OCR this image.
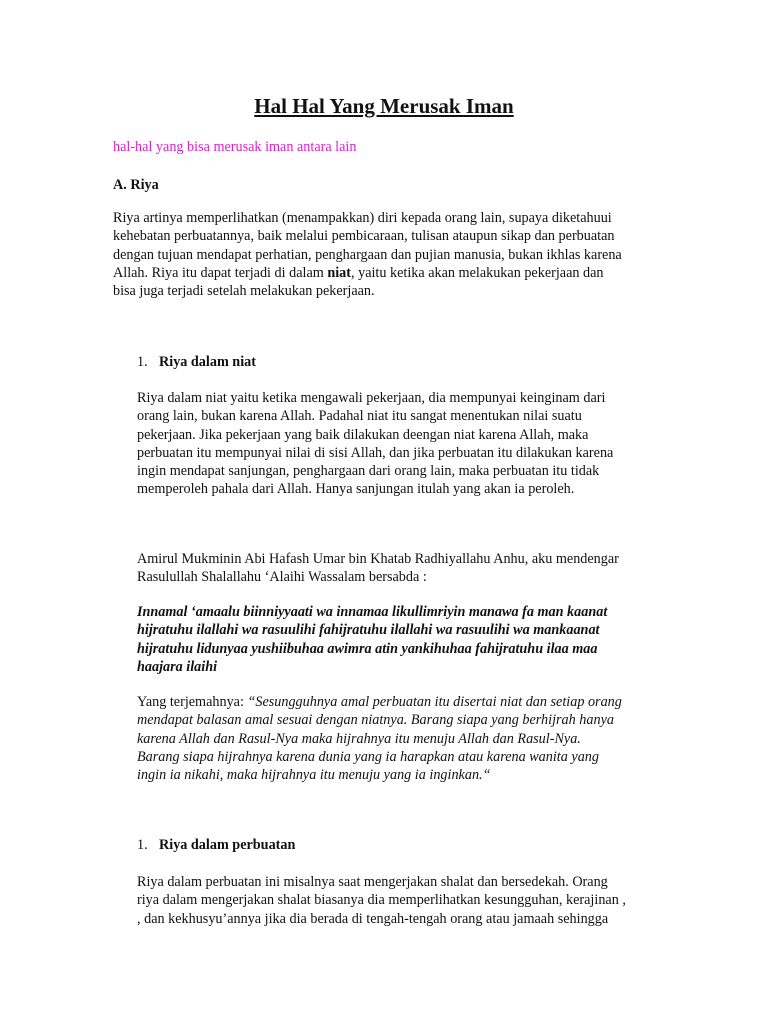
Hal Hal Yang Merusak Iman

hal-hal yang bisa merusak iman antara lain

A. Riya

Riya artinya memperlihatkan (menampakkan) diri kepada orang lain, supaya diketahuui
kehebatan perbuatannya, baik melalui pembicaraan, tulisan ataupun sikap dan perbuatan
dengan tujuan mendapat perhatian, penghargaan dan pujian manusia, bukan ikhlas karena
Allah. Riya itu dapat terjadi di dalam niat, yaitu ketika akan melakukan pekerjaan dan
bisa juga terjadi setelah melakukan pekerjaan.

1. Riya dalam niat

Riya dalam niat yaitu ketika mengawali pekerjaan, dia mempunyai keinginam dari
orang lain, bukan karena Allah. Padahal niat itu sangat menentukan nilai suatu
pekerjaan. Jika pekerjaan yang baik dilakukan deengan niat karena Allah, maka
perbuatan itu mempunyai nilai di sisi Allah, dan jika perbuatan itu dilakukan karena
ingin mendapat sanjungan, penghargaan dari orang lain, maka perbuatan itu tidak
memperoleh pahala dari Allah. Hanya sanjungan itulah yang akan ia peroleh.

Amirul Mukminin Abi Hafash Umar bin Khatab Radhiyallahu Anhu, aku mendengar
Rasulullah Shalallahu ‘Alaihi Wassalam bersabda :

Innamal ‘amaalu biinniyyaati wa innamaa likullimriyin manawa fa man kaanat
hijratuhu ilallahi wa rasuulihi fahijratuhu ilallahi wa rasuulihi wa mankaanat
hijratuhu lidunyaa yushiibuhaa awimra atin yankihuhaa fahijratuhu ilaa maa
haajara ilaihi

Yang terjemahnya: “Sesungguhnya amal perbuatan itu disertai niat dan setiap orang
mendapat balasan amal sesuai dengan niatnya. Barang siapa yang berhijrah hanya
karena Allah dan Rasul-Nya maka hijrahnya itu menuju Allah dan Rasul-Nya.
Barang siapa hijrahnya karena dunia yang ia harapkan atau karena wanita yang
ingin ia nikahi, maka hijrahnya itu menuju yang ia inginkan.“

1. Riya dalam perbuatan

Riya dalam perbuatan ini misalnya saat mengerjakan shalat dan bersedekah. Orang
riya dalam mengerjakan shalat biasanya dia memperlihatkan kesungguhan, kerajinan ,
, dan kekhusyu’annya jika dia berada di tengah-tengah orang atau jamaah sehingga
